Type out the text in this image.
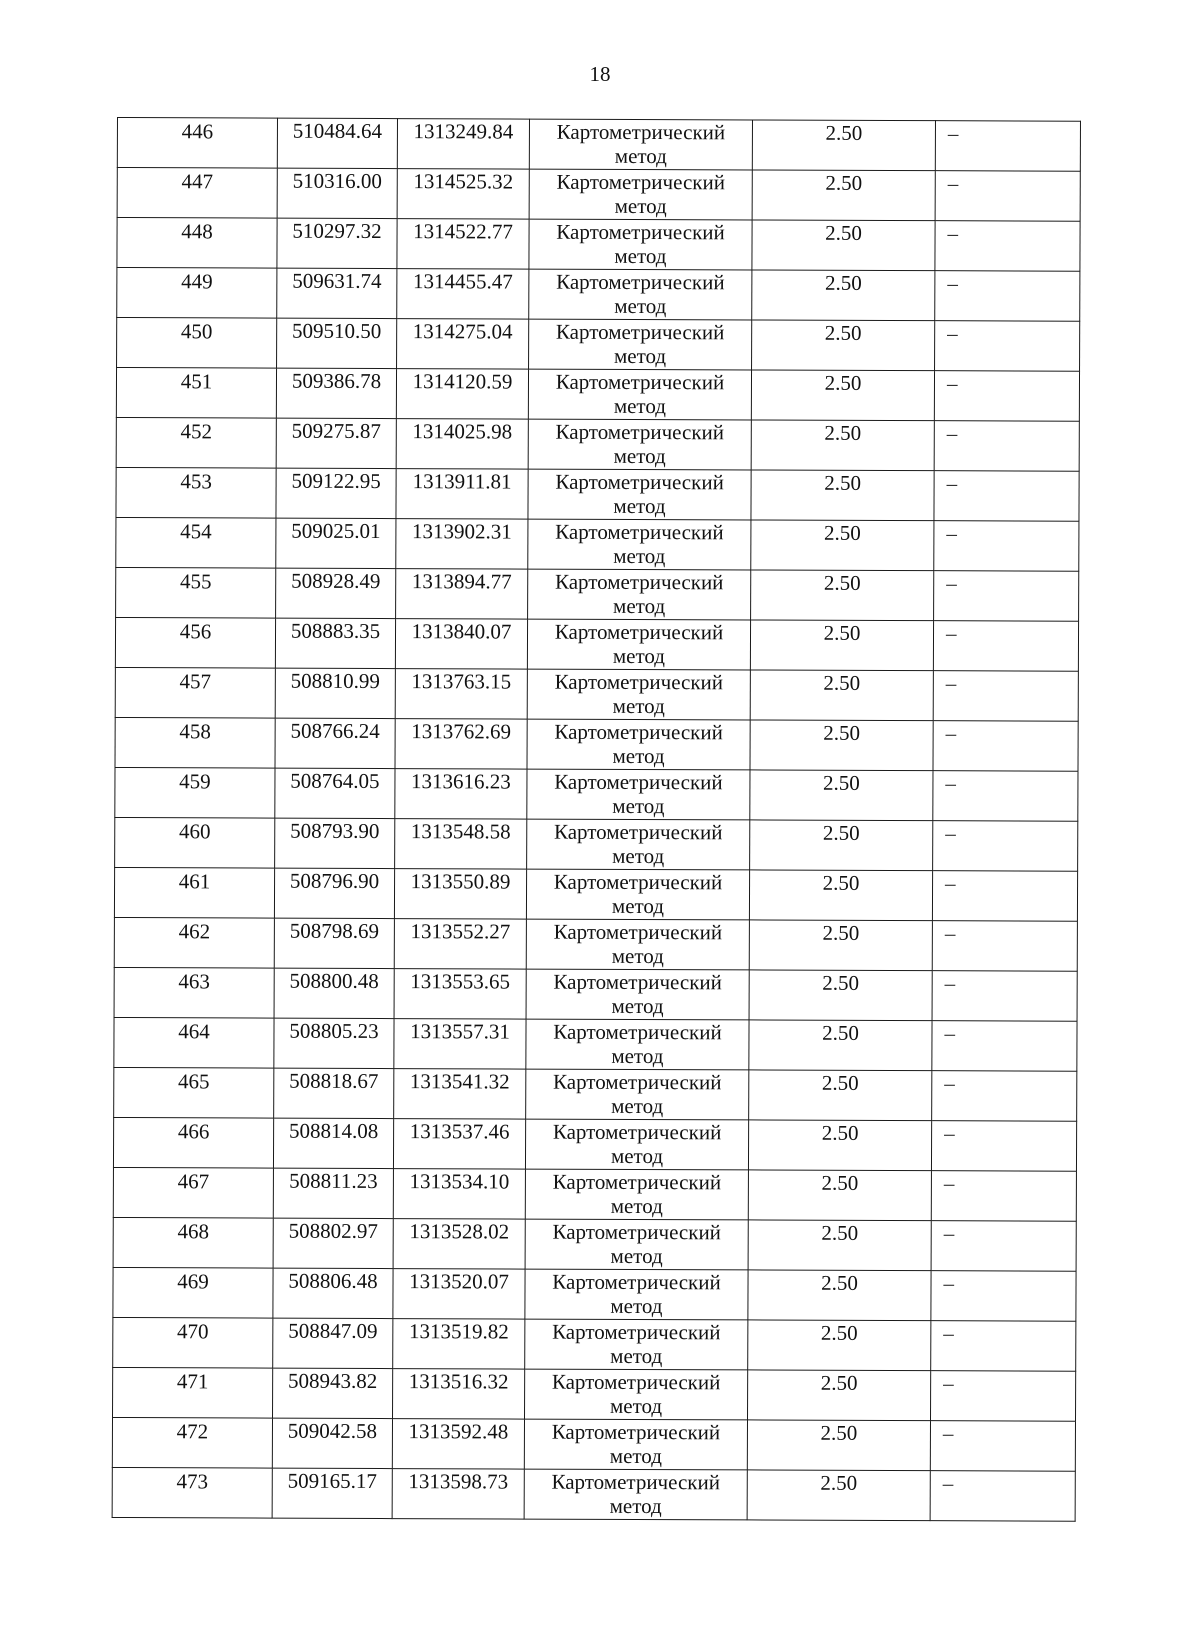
18
446	510484.64	1313249.84	Картометрический
метод	2.50	–
447	510316.00	1314525.32	Картометрический
метод	2.50	–
448	510297.32	1314522.77	Картометрический
метод	2.50	–
449	509631.74	1314455.47	Картометрический
метод	2.50	–
450	509510.50	1314275.04	Картометрический
метод	2.50	–
451	509386.78	1314120.59	Картометрический
метод	2.50	–
452	509275.87	1314025.98	Картометрический
метод	2.50	–
453	509122.95	1313911.81	Картометрический
метод	2.50	–
454	509025.01	1313902.31	Картометрический
метод	2.50	–
455	508928.49	1313894.77	Картометрический
метод	2.50	–
456	508883.35	1313840.07	Картометрический
метод	2.50	–
457	508810.99	1313763.15	Картометрический
метод	2.50	–
458	508766.24	1313762.69	Картометрический
метод	2.50	–
459	508764.05	1313616.23	Картометрический
метод	2.50	–
460	508793.90	1313548.58	Картометрический
метод	2.50	–
461	508796.90	1313550.89	Картометрический
метод	2.50	–
462	508798.69	1313552.27	Картометрический
метод	2.50	–
463	508800.48	1313553.65	Картометрический
метод	2.50	–
464	508805.23	1313557.31	Картометрический
метод	2.50	–
465	508818.67	1313541.32	Картометрический
метод	2.50	–
466	508814.08	1313537.46	Картометрический
метод	2.50	–
467	508811.23	1313534.10	Картометрический
метод	2.50	–
468	508802.97	1313528.02	Картометрический
метод	2.50	–
469	508806.48	1313520.07	Картометрический
метод	2.50	–
470	508847.09	1313519.82	Картометрический
метод	2.50	–
471	508943.82	1313516.32	Картометрический
метод	2.50	–
472	509042.58	1313592.48	Картометрический
метод	2.50	–
473	509165.17	1313598.73	Картометрический
метод	2.50	–
